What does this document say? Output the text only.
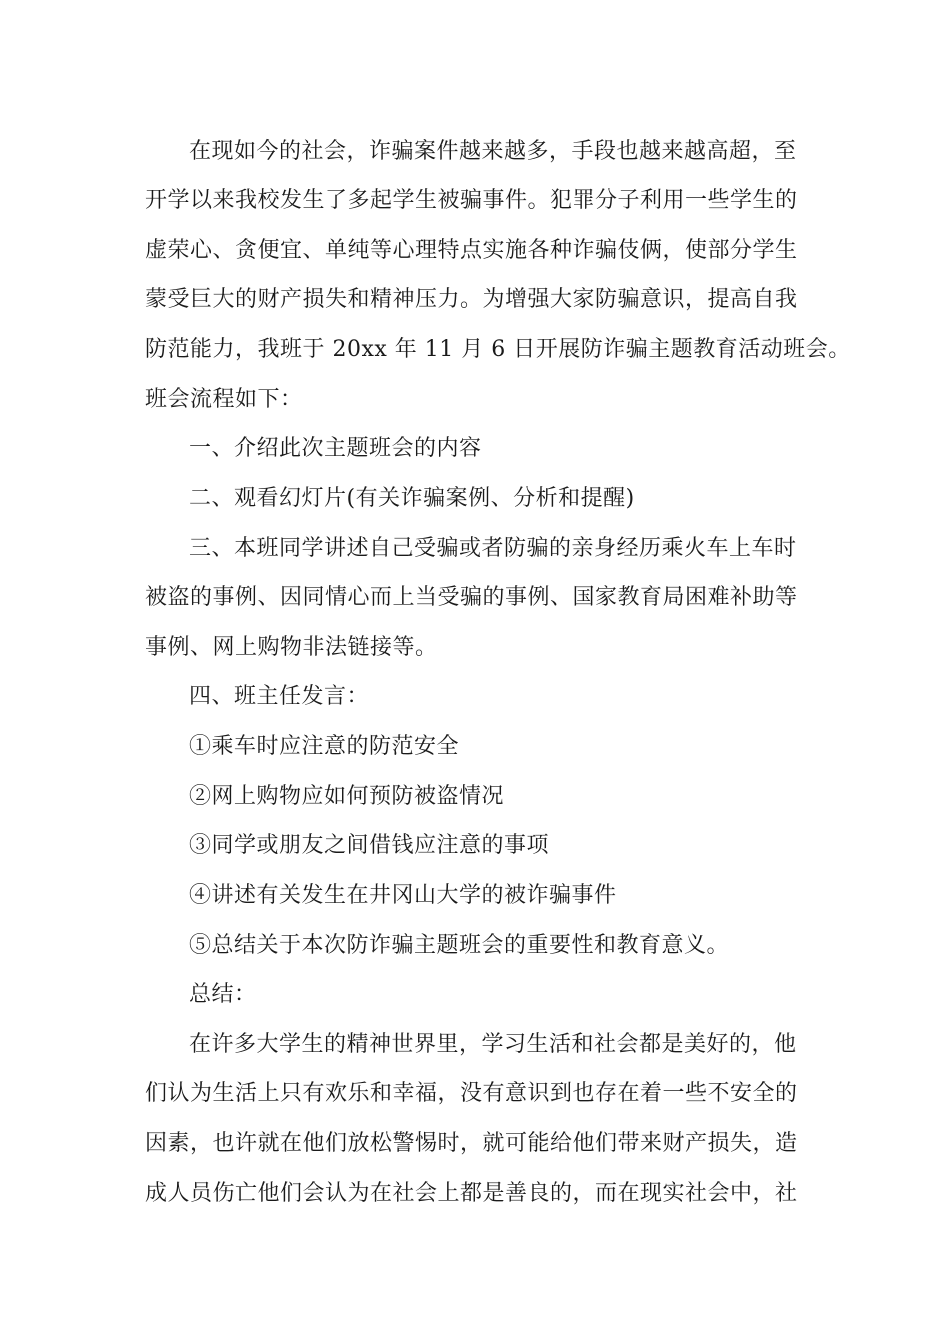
在现如今的社会，诈骗案件越来越多，手段也越来越高超，至
开学以来我校发生了多起学生被骗事件。犯罪分子利用一些学生的
虚荣心、贪便宜、单纯等心理特点实施各种诈骗伎俩，使部分学生
蒙受巨大的财产损失和精神压力。为增强大家防骗意识，提高自我
防范能力，我班于 20xx 年 11 月 6 日开展防诈骗主题教育活动班会。
班会流程如下：
一、介绍此次主题班会的内容
二、观看幻灯片(有关诈骗案例、分析和提醒)
三、本班同学讲述自己受骗或者防骗的亲身经历乘火车上车时
被盗的事例、因同情心而上当受骗的事例、国家教育局困难补助等
事例、网上购物非法链接等。
四、班主任发言：
①乘车时应注意的防范安全
②网上购物应如何预防被盗情况
③同学或朋友之间借钱应注意的事项
④讲述有关发生在井冈山大学的被诈骗事件
⑤总结关于本次防诈骗主题班会的重要性和教育意义。
总结：
在许多大学生的精神世界里，学习生活和社会都是美好的，他
们认为生活上只有欢乐和幸福，没有意识到也存在着一些不安全的
因素，也许就在他们放松警惕时，就可能给他们带来财产损失，造
成人员伤亡他们会认为在社会上都是善良的，而在现实社会中，社
